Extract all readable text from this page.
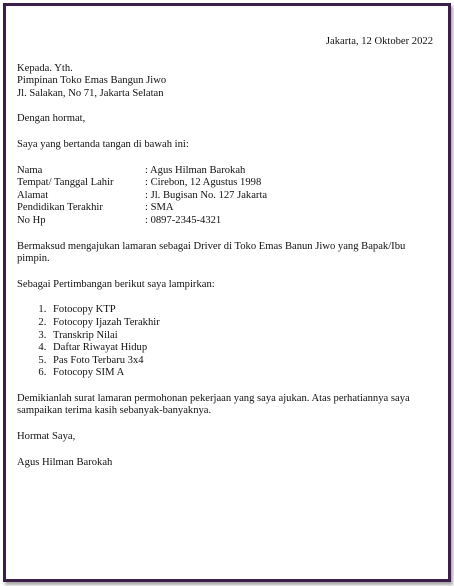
Jakarta, 12 Oktober 2022

Kepada. Yth.

Pimpinan Toko Emas Bangun Jiwo

Jl. Salakan, No 71, Jakarta Selatan

Dengan hormat,

Saya yang bertanda tangan di bawah ini:

Nama	: Agus Hilman Barokah
Tempat/ Tanggal Lahir	: Cirebon, 12 Agustus 1998
Alamat	: Jl. Bugisan No. 127 Jakarta
Pendidikan Terakhir	: SMA
No Hp	: 0897-2345-4321

Bermaksud mengajukan lamaran sebagai Driver di Toko Emas Banun Jiwo yang Bapak/Ibu pimpin.

Sebagai Pertimbangan berikut saya lampirkan:

1. Fotocopy KTP
2. Fotocopy Ijazah Terakhir
3. Transkrip Nilai
4. Daftar Riwayat Hidup
5. Pas Foto Terbaru 3x4
6. Fotocopy SIM A

Demikianlah surat lamaran permohonan pekerjaan yang saya ajukan. Atas perhatiannya saya sampaikan terima kasih sebanyak-banyaknya.

Hormat Saya,

Agus Hilman Barokah
